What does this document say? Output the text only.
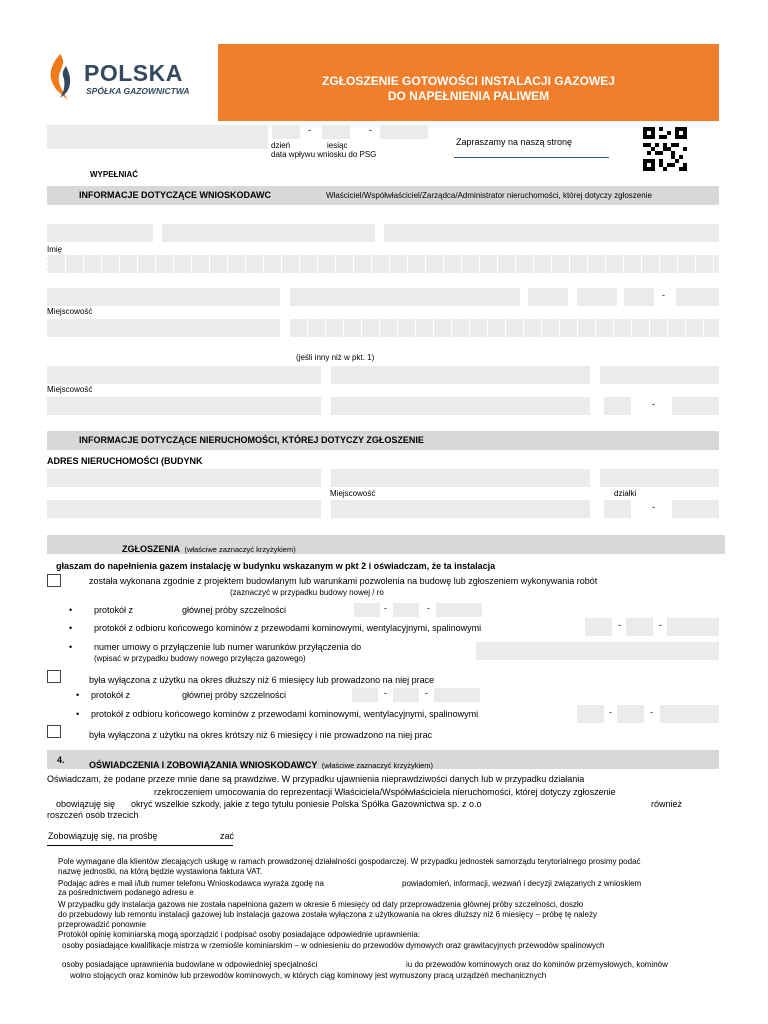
POLSKA
SPÓŁKA GAZOWNICTWA
ZGŁOSZENIE GOTOWOŚCI INSTALACJI GAZOWEJ
DO NAPEŁNIENIA PALIWEM
-	-
dzień	iesiąc
data wpływu wniosku do PSG
Zapraszamy na naszą stronę
WYPEŁNIAĆ
INFORMACJE DOTYCZĄCE WNIOSKODAWC	Właściciel/Współwłaściciel/Zarządca/Administrator nieruchomości, której dotyczy zgłoszenie
Imię
-
Miejscowość
(jeśli inny niż w pkt. 1)
Miejscowość
-
INFORMACJE DOTYCZĄCE NIERUCHOMOŚCI, KTÓREJ DOTYCZY ZGŁOSZENIE
ADRES NIERUCHOMOŚCI (BUDYNK
Miejscowość	działki
-
ZGŁOSZENIA (właściwe zaznaczyć krzyżykiem)
głaszam do napełnienia gazem instalację w budynku wskazanym w pkt 2 i oświadczam, że ta instalacja
została wykonana zgodnie z projektem budowlanym lub warunkami pozwolenia na budowę lub zgłoszeniem wykonywania robót
(zaznaczyć w przypadku budowy nowej / ro
• protokół z	głównej próby szczelności	-	-
• protokół z odbioru końcowego kominów z przewodami kominowymi, wentylacyjnymi, spalinowymi	-	-
• numer umowy o przyłączenie lub numer warunków przyłączenia do
(wpisać w przypadku budowy nowego przyłącza gazowego)
była wyłączona z użytku na okres dłuższy niż 6 miesięcy lub prowadzono na niej prace
• protokół z	głównej próby szczelności	-	-
• protokół z odbioru końcowego kominów z przewodami kominowymi, wentylacyjnymi, spalinowymi	-	-
była wyłączona z użytku na okres krótszy niż 6 miesięcy i nie prowadzono na niej prac
4.	OŚWIADCZENIA I ZOBOWIĄZANIA WNIOSKODAWCY (właściwe zaznaczyć krzyżykiem)
Oświadczam, że podane przeze mnie dane są prawdziwe. W przypadku ujawnienia nieprawdziwości danych lub w przypadku działania
rzekroczeniem umocowania do reprezentacji Właściciela/Współwłaściciela nieruchomości, której dotyczy zgłoszenie
obowiązuję się okryć wszelkie szkody, jakie z tego tytułu poniesie Polska Spółka Gazownictwa sp. z o.o	również
roszczeń osób trzecich
Zobowiązuję się, na prośbę	zać
Pole wymagane dla klientów zlecających usługę w ramach prowadzonej działalności gospodarczej. W przypadku jednostek samorządu terytorialnego prosimy podać
nazwę jednostki, na którą będzie wystawiona faktura VAT.
Podając adres e mail i/lub numer telefonu Wnioskodawca wyraża zgodę na	powiadomień, informacji, wezwań i decyzji związanych z wnioskiem
za pośrednictwem podanego adresu e
W przypadku gdy instalacja gazowa nie została napełniona gazem w okresie 6 miesięcy od daty przeprowadzenia głównej próby szczelności, doszło
do przebudowy lub remontu instalacji gazowej lub instalacja gazowa została wyłączona z użytkowania na okres dłuższy niż 6 miesięcy – próbę tę należy
przeprowadzić ponownie
Protokół opinię kominiarską mogą sporządzić i podpisać osoby posiadające odpowiednie uprawnienia:
osoby posiadające kwalifikacje mistrza w rzemiośle kominiarskim – w odniesieniu do przewodów dymowych oraz grawitacyjnych przewodów spalinowych
osoby posiadające uprawnienia budowlane w odpowiedniej specjalności	iu do przewodów kominowych oraz do kominów przemysłowych, kominów
wolno stojących oraz kominów lub przewodów kominowych, w których ciąg kominowy jest wymuszony pracą urządzeń mechanicznych
